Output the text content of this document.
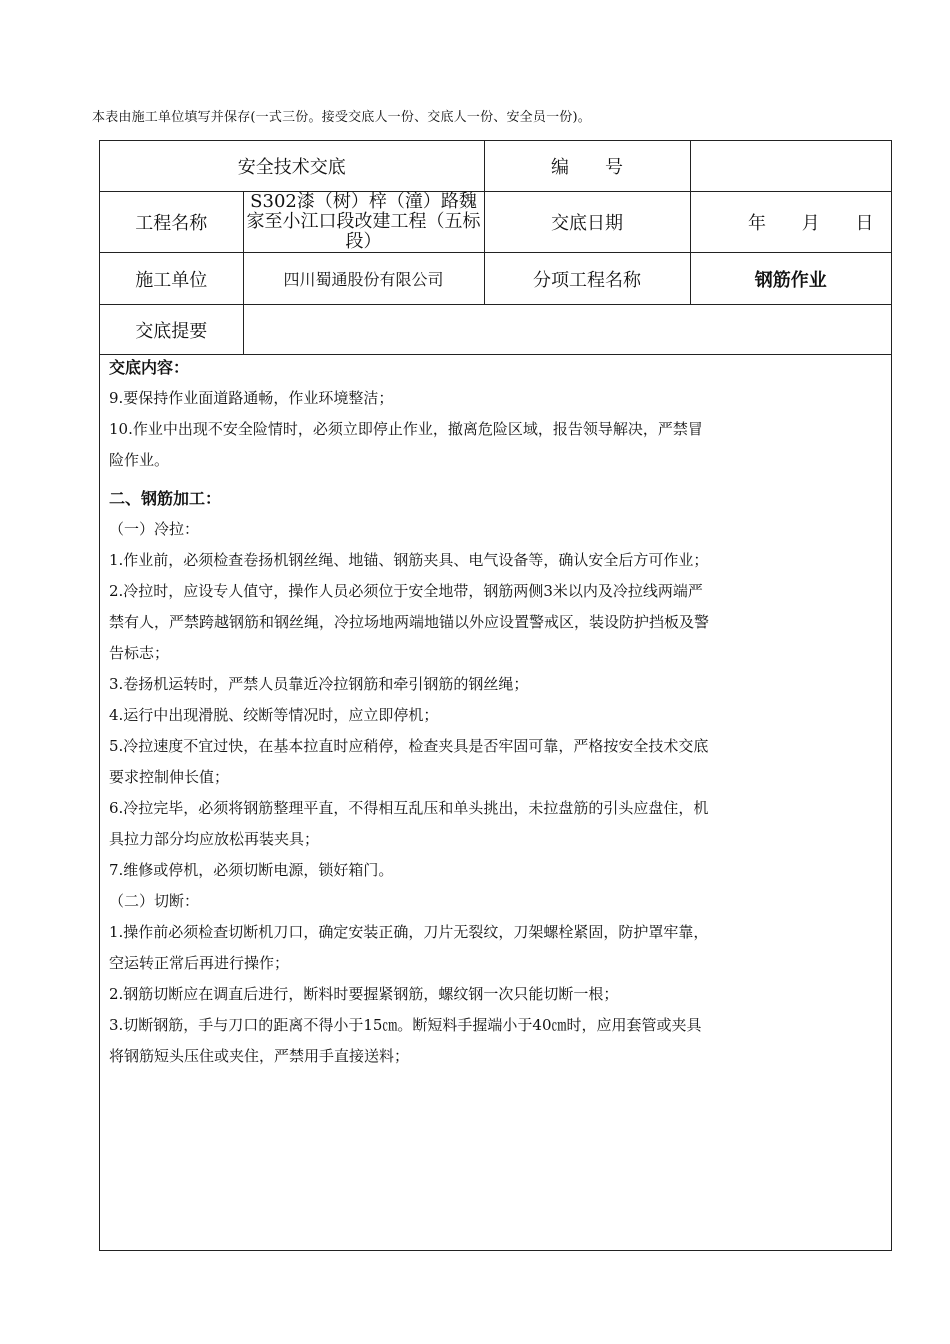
本表由施工单位填写并保存(一式三份。接受交底人一份、交底人一份、安全员一份)。
安全技术交底		编　　号	
工程名称	S302漆（树）梓（潼）路魏家至小江口段改建工程（五标段）	交底日期	年 月 日
施工单位	四川蜀通股份有限公司	分项工程名称	钢筋作业
交底提要			

交底内容：

9.要保持作业面道路通畅，作业环境整洁；

10.作业中出现不安全险情时，必须立即停止作业，撤离危险区域，报告领导解决，严禁冒

险作业。

二、钢筋加工：

（一）冷拉：

1.作业前，必须检查卷扬机钢丝绳、地锚、钢筋夹具、电气设备等，确认安全后方可作业；

2.冷拉时，应设专人值守，操作人员必须位于安全地带，钢筋两侧3米以内及冷拉线两端严

禁有人，严禁跨越钢筋和钢丝绳，冷拉场地两端地锚以外应设置警戒区，装设防护挡板及警

告标志；

3.卷扬机运转时，严禁人员靠近冷拉钢筋和牵引钢筋的钢丝绳；

4.运行中出现滑脱、绞断等情况时，应立即停机；

5.冷拉速度不宜过快，在基本拉直时应稍停，检查夹具是否牢固可靠，严格按安全技术交底

要求控制伸长值；

6.冷拉完毕，必须将钢筋整理平直，不得相互乱压和单头挑出，未拉盘筋的引头应盘住，机

具拉力部分均应放松再装夹具；

7.维修或停机，必须切断电源，锁好箱门。

（二）切断：

1.操作前必须检查切断机刀口，确定安装正确，刀片无裂纹，刀架螺栓紧固，防护罩牢靠，

空运转正常后再进行操作；

2.钢筋切断应在调直后进行，断料时要握紧钢筋，螺纹钢一次只能切断一根；

3.切断钢筋，手与刀口的距离不得小于15㎝。断短料手握端小于40㎝时，应用套管或夹具

将钢筋短头压住或夹住，严禁用手直接送料；
